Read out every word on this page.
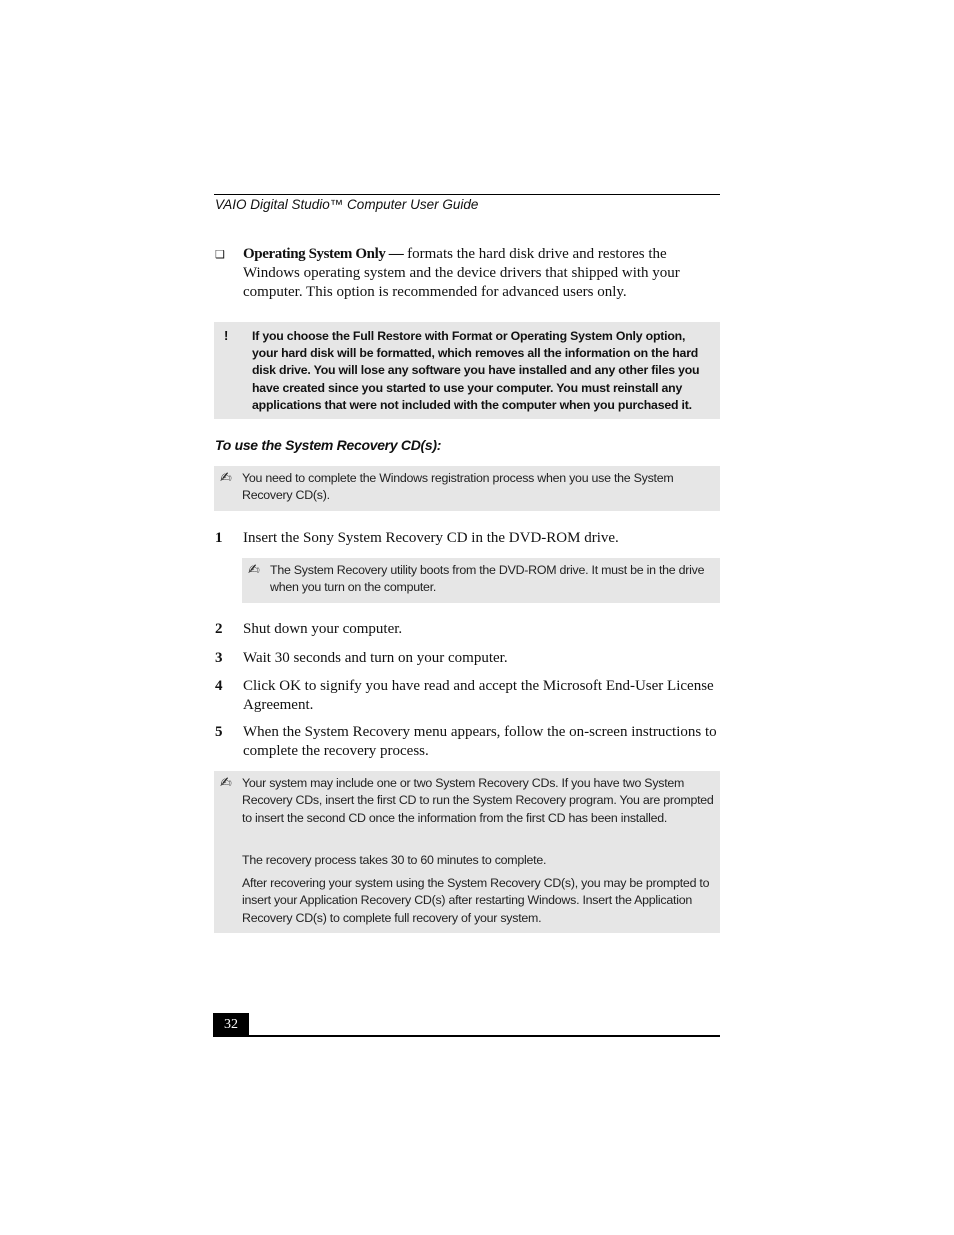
VAIO Digital Studio™ Computer User Guide
❑ Operating System Only — formats the hard disk drive and restores the Windows operating system and the device drivers that shipped with your computer. This option is recommended for advanced users only.
! If you choose the Full Restore with Format or Operating System Only option, your hard disk will be formatted, which removes all the information on the hard disk drive. You will lose any software you have installed and any other files you have created since you started to use your computer. You must reinstall any applications that were not included with the computer when you purchased it.
To use the System Recovery CD(s):
✍ You need to complete the Windows registration process when you use the System Recovery CD(s).
1 Insert the Sony System Recovery CD in the DVD-ROM drive.
✍ The System Recovery utility boots from the DVD-ROM drive. It must be in the drive when you turn on the computer.
2 Shut down your computer.
3 Wait 30 seconds and turn on your computer.
4 Click OK to signify you have read and accept the Microsoft End-User License Agreement.
5 When the System Recovery menu appears, follow the on-screen instructions to complete the recovery process.
✍ Your system may include one or two System Recovery CDs. If you have two System Recovery CDs, insert the first CD to run the System Recovery program. You are prompted to insert the second CD once the information from the first CD has been installed.
The recovery process takes 30 to 60 minutes to complete.
After recovering your system using the System Recovery CD(s), you may be prompted to insert your Application Recovery CD(s) after restarting Windows. Insert the Application Recovery CD(s) to complete full recovery of your system.
32
